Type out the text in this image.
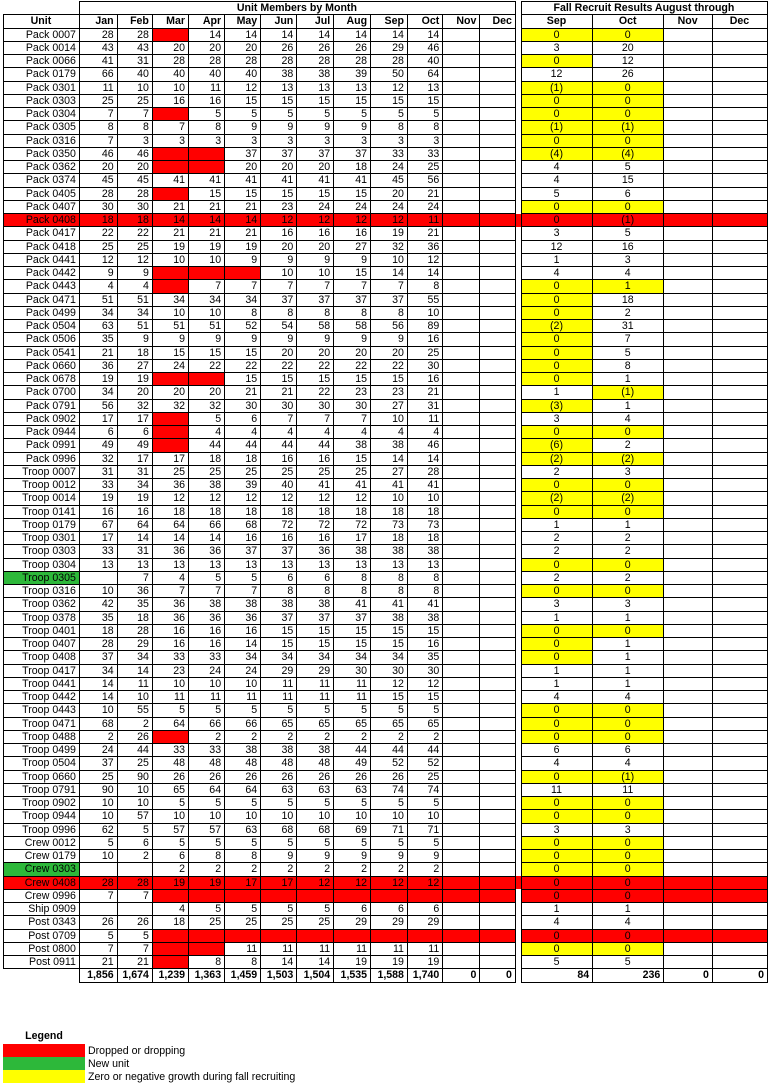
	Unit Members by Month													Fall Recruit Results August through			
Unit	Jan	Feb	Mar	Apr	May	Jun	Jul	Aug	Sep	Oct	Nov	Dec		Sep	Oct	Nov	Dec
Pack 0007	28	28		14	14	14	14	14	14	14				0	0		
Pack 0014	43	43	20	20	20	26	26	26	29	46				3	20		
Pack 0066	41	31	28	28	28	28	28	28	28	40				0	12		
Pack 0179	66	40	40	40	40	38	38	39	50	64				12	26		
Pack 0301	11	10	10	11	12	13	13	13	12	13				(1)	0		
Pack 0303	25	25	16	16	15	15	15	15	15	15				0	0		
Pack 0304	7	7		5	5	5	5	5	5	5				0	0		
Pack 0305	8	8	7	8	9	9	9	9	8	8				(1)	(1)		
Pack 0316	7	3	3	3	3	3	3	3	3	3				0	0		
Pack 0350	46	46			37	37	37	37	33	33				(4)	(4)		
Pack 0362	20	20			20	20	20	18	24	25				4	5		
Pack 0374	45	45	41	41	41	41	41	41	45	56				4	15		
Pack 0405	28	28		15	15	15	15	15	20	21				5	6		
Pack 0407	30	30	21	21	21	23	24	24	24	24				0	0		
Pack 0408	18	18	14	14	14	12	12	12	12	11				0	(1)		
Pack 0417	22	22	21	21	21	16	16	16	19	21				3	5		
Pack 0418	25	25	19	19	19	20	20	27	32	36				12	16		
Pack 0441	12	12	10	10	9	9	9	9	10	12				1	3		
Pack 0442	9	9				10	10	15	14	14				4	4		
Pack 0443	4	4		7	7	7	7	7	7	8				0	1		
Pack 0471	51	51	34	34	34	37	37	37	37	55				0	18		
Pack 0499	34	34	10	10	8	8	8	8	8	10				0	2		
Pack 0504	63	51	51	51	52	54	58	58	56	89				(2)	31		
Pack 0506	35	9	9	9	9	9	9	9	9	16				0	7		
Pack 0541	21	18	15	15	15	20	20	20	20	25				0	5		
Pack 0660	36	27	24	22	22	22	22	22	22	30				0	8		
Pack 0678	19	19			15	15	15	15	15	16				0	1		
Pack 0700	34	20	20	20	21	21	22	23	23	21				1	(1)		
Pack 0791	56	32	32	32	30	30	30	30	27	31				(3)	1		
Pack 0902	17	17		5	6	7	7	7	10	11				3	4		
Pack 0944	6	6		4	4	4	4	4	4	4				0	0		
Pack 0991	49	49		44	44	44	44	38	38	46				(6)	2		
Pack 0996	32	17	17	18	18	16	16	15	14	14				(2)	(2)		
Troop 0007	31	31	25	25	25	25	25	25	27	28				2	3		
Troop 0012	33	34	36	38	39	40	41	41	41	41				0	0		
Troop 0014	19	19	12	12	12	12	12	12	10	10				(2)	(2)		
Troop 0141	16	16	18	18	18	18	18	18	18	18				0	0		
Troop 0179	67	64	64	66	68	72	72	72	73	73				1	1		
Troop 0301	17	14	14	14	16	16	16	17	18	18				2	2		
Troop 0303	33	31	36	36	37	37	36	38	38	38				2	2		
Troop 0304	13	13	13	13	13	13	13	13	13	13				0	0		
Troop 0305		7	4	5	5	6	6	8	8	8				2	2		
Troop 0316	10	36	7	7	7	8	8	8	8	8				0	0		
Troop 0362	42	35	36	38	38	38	38	41	41	41				3	3		
Troop 0378	35	18	36	36	36	37	37	37	38	38				1	1		
Troop 0401	18	28	16	16	16	15	15	15	15	15				0	0		
Troop 0407	28	29	16	16	14	15	15	15	15	16				0	1		
Troop 0408	37	34	33	33	34	34	34	34	34	35				0	1		
Troop 0417	34	14	23	24	24	29	29	30	30	30				1	1		
Troop 0441	14	11	10	10	10	11	11	11	12	12				1	1		
Troop 0442	14	10	11	11	11	11	11	11	15	15				4	4		
Troop 0443	10	55	5	5	5	5	5	5	5	5				0	0		
Troop 0471	68	2	64	66	66	65	65	65	65	65				0	0		
Troop 0488	2	26		2	2	2	2	2	2	2				0	0		
Troop 0499	24	44	33	33	38	38	38	44	44	44				6	6		
Troop 0504	37	25	48	48	48	48	48	49	52	52				4	4		
Troop 0660	25	90	26	26	26	26	26	26	26	25				0	(1)		
Troop 0791	90	10	65	64	64	63	63	63	74	74				11	11		
Troop 0902	10	10	5	5	5	5	5	5	5	5				0	0		
Troop 0944	10	57	10	10	10	10	10	10	10	10				0	0		
Troop 0996	62	5	57	57	63	68	68	69	71	71				3	3		
Crew 0012	5	6	5	5	5	5	5	5	5	5				0	0		
Crew 0179	10	2	6	8	8	9	9	9	9	9				0	0		
Crew 0303			2	2	2	2	2	2	2	2				0	0		
Crew 0408	28	28	19	19	17	17	12	12	12	12				0	0		
Crew 0996	7	7												0	0		
Ship 0909			4	5	5	5	5	6	6	6				1	1		
Post 0343	26	26	18	25	25	25	25	29	29	29				4	4		
Post 0709	5	5												0	0		
Post 0800	7	7			11	11	11	11	11	11				0	0		
Post 0911	21	21		8	8	14	14	19	19	19				5	5		
	1,856	1,674	1,239	1,363	1,459	1,503	1,504	1,535	1,588	1,740	0	0		84	236	0	0
Legend
Dropped or dropping
New unit
Zero or negative growth during fall recruiting
